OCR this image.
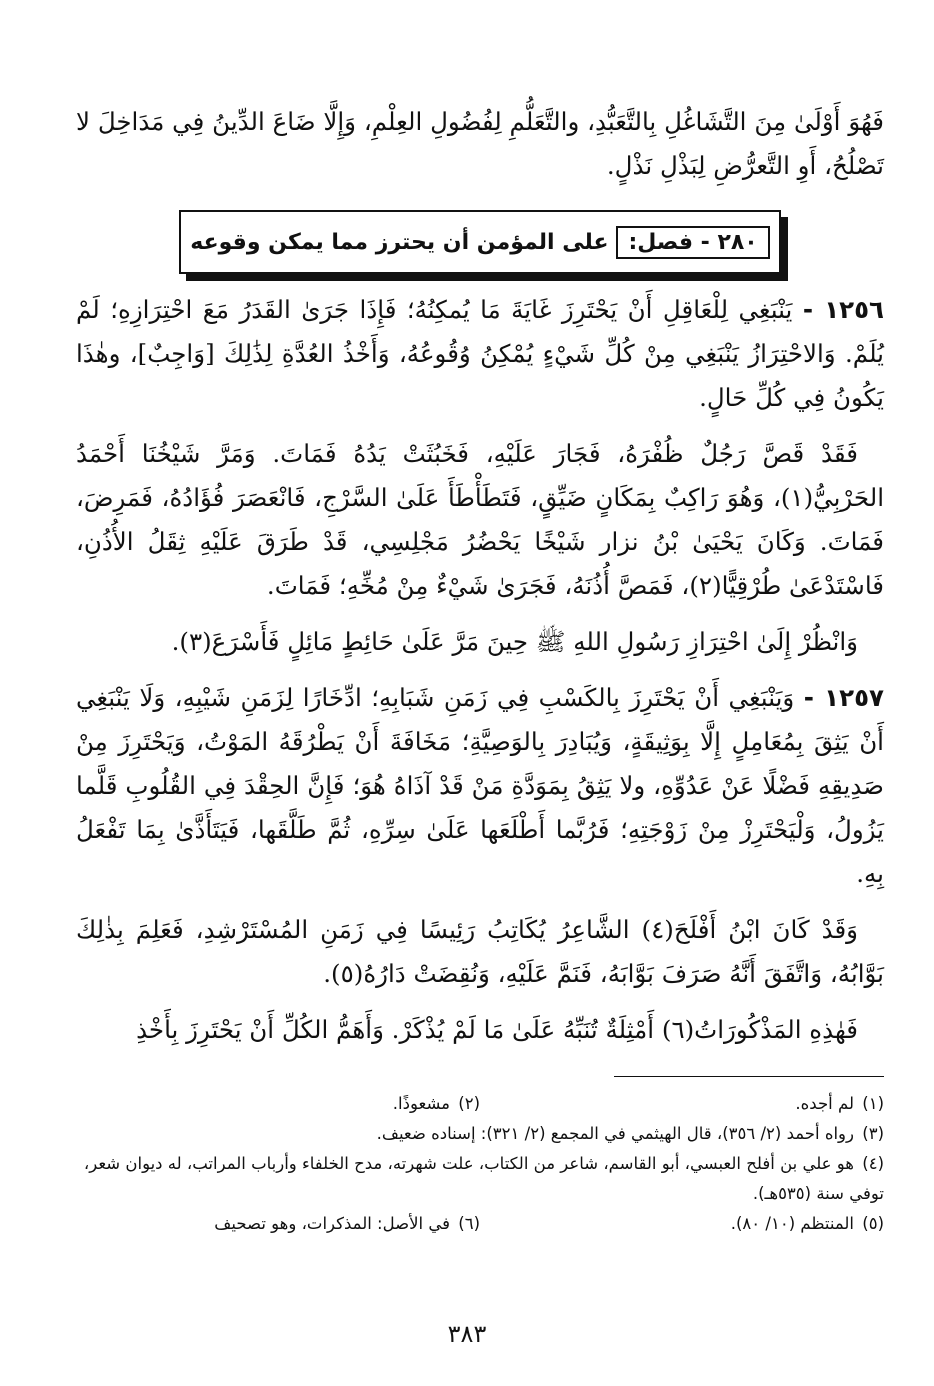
فَهُوَ أَوْلَىٰ مِنَ التَّشَاغُلِ بِالتَّعَبُّدِ، والتَّعَلُّمِ لِفُضُولِ العِلْمِ، وَإِلَّا ضَاعَ الدِّينُ فِي مَدَاخِلَ لا تَصْلُحُ، أَوِ التَّعرُّضِ لِبَذْلِ نَذْلٍ.

٢٨٠ - فصل:
على المؤمن أن يحترز مما يمكن وقوعه

١٢٥٦ - يَنْبَغِي لِلْعَاقِلِ أَنْ يَحْتَرِزَ غَايَةَ مَا يُمكِنُهُ؛ فَإِذَا جَرَىٰ القَدَرُ مَعَ احْتِرَازِهِ؛ لَمْ يُلَمْ. وَالاحْتِرَازُ يَنْبَغِي مِنْ كُلِّ شَيْءٍ يُمْكِنُ وُقُوعُهُ، وَأَخْذُ العُدَّةِ لِذَٰلِكَ [وَاجِبٌ]، وهٰذَا يَكُونُ فِي كُلِّ حَالٍ.

فَقَدْ قَصَّ رَجُلٌ ظُفْرَهُ، فَجَارَ عَلَيْهِ، فَخَبُثَتْ يَدُهُ فَمَاتَ. وَمَرَّ شَيْخُنَا أَحْمَدُ الحَرْبِيُّ(١)، وَهُوَ رَاكِبٌ بِمَكَانٍ ضَيِّقٍ، فَتَطَأْطَأَ عَلَىٰ السَّرْجِ، فَانْعَصَرَ فُؤَادُهُ، فَمَرِضَ، فَمَاتَ. وَكَانَ يَحْيَىٰ بْنُ نزار شَيْخًا يَحْضُرُ مَجْلِسِي، قَدْ طَرَقَ عَلَيْهِ ثِقَلُ الأُذُنِ، فَاسْتَدْعَىٰ طُرْقِيًّا(٢)، فَمَصَّ أُذُنَهُ، فَجَرَىٰ شَيْءٌ مِنْ مُخِّهِ؛ فَمَاتَ.

وَانْظُرْ إِلَىٰ احْتِرَازِ رَسُولِ اللهِ ﷺ حِينَ مَرَّ عَلَىٰ حَائِطٍ مَائِلٍ فَأَسْرَعَ(٣).

١٢٥٧ - وَيَنْبَغِي أَنْ يَحْتَرِزَ بِالكَسْبِ فِي زَمَنِ شَبَابِهِ؛ ادِّخَارًا لِزَمَنِ شَيْبِهِ، وَلَا يَنْبَغِي أَنْ يَثِقَ بِمُعَامِلٍ إِلَّا بِوَثِيقَةٍ، وَيُبَادِرَ بِالوَصِيَّةِ؛ مَخَافَةَ أَنْ يَطْرُقَهُ المَوْتُ، وَيَحْتَرِزَ مِنْ صَدِيقِهِ فَضْلًا عَنْ عَدُوِّهِ، ولا يَثِقُ بِمَوَدَّةِ مَنْ قَدْ آذَاهُ هُوَ؛ فَإِنَّ الحِقْدَ فِي القُلُوبِ قَلَّما يَزُولُ، وَلْيَحْتَرِزْ مِنْ زَوْجَتِهِ؛ فَرُبَّما أَطْلَعَها عَلَىٰ سِرِّهِ، ثُمَّ طَلَّقَها، فَيَتَأَذَّىٰ بِمَا تَفْعَلُ بِهِ.

وَقَدْ كَانَ ابْنُ أَفْلَحَ(٤) الشَّاعِرُ يُكَاتِبُ رَئِيسًا فِي زَمَنِ المُسْتَرْشِدِ، فَعَلِمَ بِذٰلِكَ بَوَّابُهُ، وَاتَّفَقَ أَنَّهُ صَرَفَ بَوَّابَهُ، فَنَمَّ عَلَيْهِ، وَنُقِضَتْ دَارُهُ(٥).

فَهٰذِهِ المَذْكُورَاتُ(٦) أَمْثِلَةٌ تُنَبِّهُ عَلَىٰ مَا لَمْ يُذْكَرْ. وَأَهَمُّ الكُلِّ أَنْ يَحْتَرِزَ بِأَخْذِ

(١)لم أجده.
(٢)مشعوذًا.
(٣)رواه أحمد (٢/ ٣٥٦)، قال الهيثمي في المجمع (٢/ ٣٢١): إسناده ضعيف.
(٤)هو علي بن أفلح العبسي، أبو القاسم، شاعر من الكتاب، علت شهرته، مدح الخلفاء وأرباب المراتب، له ديوان شعر، توفي سنة (٥٣٥هـ).
(٥)المنتظم (١٠/ ٨٠).
(٦)في الأصل: المذكرات، وهو تصحيف
٣٨٣
